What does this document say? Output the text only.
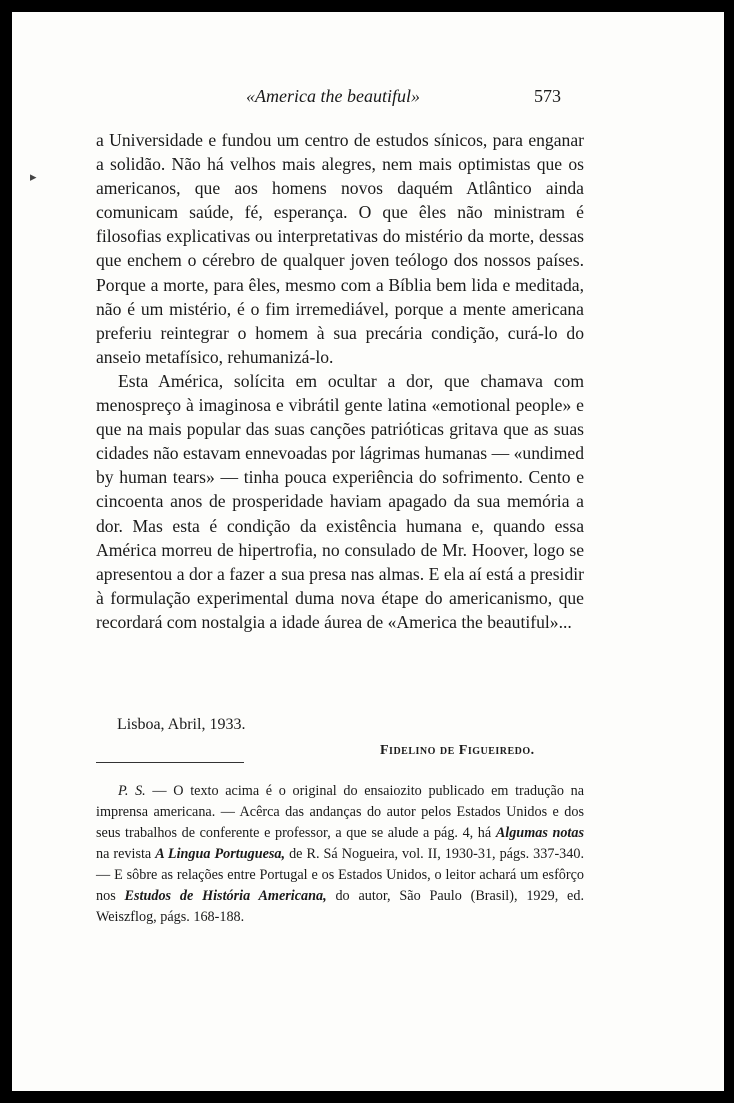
▸
«America the beautiful»	573

a Universidade e fundou um centro de estudos sínicos, para enganar a solidão. Não há velhos mais alegres, nem mais optimistas que os americanos, que aos homens novos daquém Atlântico ainda comunicam saúde, fé, esperança. O que êles não ministram é filosofias explicativas ou interpretativas do mistério da morte, dessas que enchem o cérebro de qualquer joven teólogo dos nossos países. Porque a morte, para êles, mesmo com a Bíblia bem lida e meditada, não é um mistério, é o fim irremediável, porque a mente americana preferiu reintegrar o homem à sua precária condição, curá-lo do anseio metafísico, rehumanizá-lo.

Esta América, solícita em ocultar a dor, que chamava com menospreço à imaginosa e vibrátil gente latina «emotional people» e que na mais popular das suas canções patrióticas gritava que as suas cidades não estavam ennevoadas por lágrimas humanas — «undimed by human tears» — tinha pouca experiência do sofrimento. Cento e cincoenta anos de prosperidade haviam apagado da sua memória a dor. Mas esta é condição da existência humana e, quando essa América morreu de hipertrofia, no consulado de Mr. Hoover, logo se apresentou a dor a fazer a sua presa nas almas. E ela aí está a presidir à formulação experimental duma nova étape do americanismo, que recordará com nostalgia a idade áurea de «America the beautiful»...

Lisboa, Abril, 1933.
Fidelino de Figueiredo.
P. S. — O texto acima é o original do ensaiozito publicado em tradução na imprensa americana. — Acêrca das andanças do autor pelos Estados Unidos e dos seus trabalhos de conferente e professor, a que se alude a pág. 4, há Algumas notas na revista A Lingua Portuguesa, de R. Sá Nogueira, vol. II, 1930-31, págs. 337-340. — E sôbre as relações entre Portugal e os Estados Unidos, o leitor achará um esfôrço nos Estudos de História Americana, do autor, São Paulo (Brasil), 1929, ed. Weiszflog, págs. 168-188.
